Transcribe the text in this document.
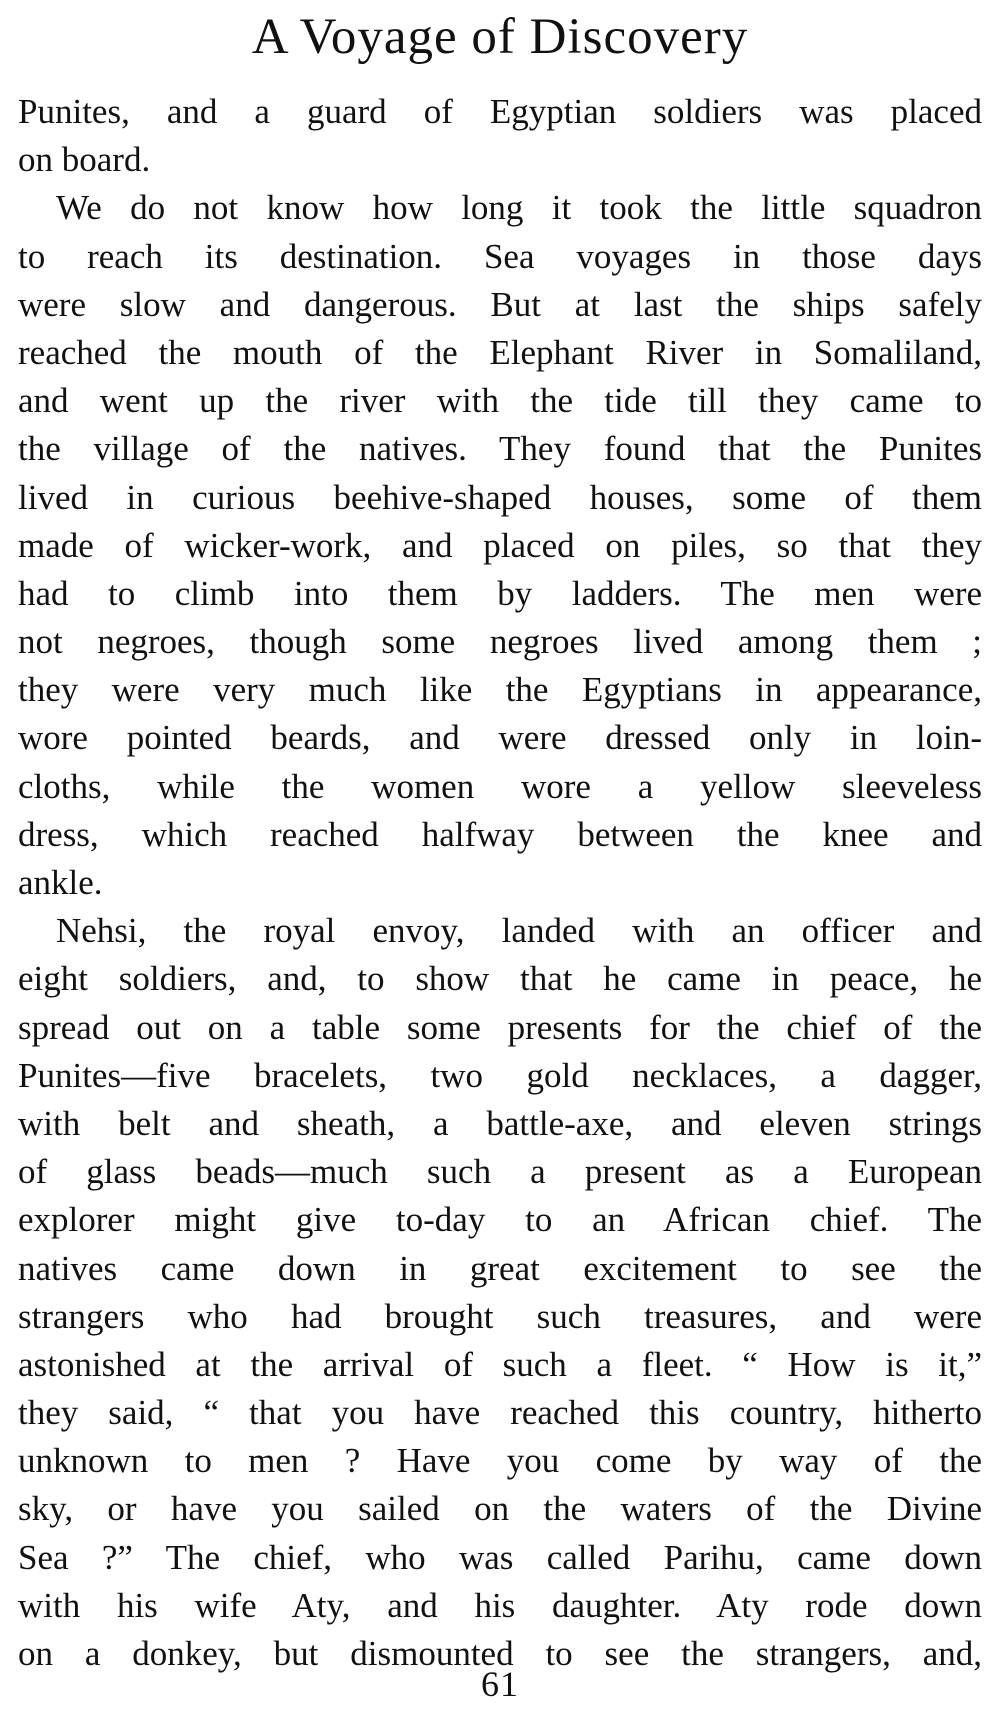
A Voyage of Discovery
Punites, and a guard of Egyptian soldiers was placed
on board.
We do not know how long it took the little squadron
to reach its destination. Sea voyages in those days
were slow and dangerous. But at last the ships safely
reached the mouth of the Elephant River in Somaliland,
and went up the river with the tide till they came to
the village of the natives. They found that the Punites
lived in curious beehive-shaped houses, some of them
made of wicker-work, and placed on piles, so that they
had to climb into them by ladders. The men were
not negroes, though some negroes lived among them ;
they were very much like the Egyptians in appearance,
wore pointed beards, and were dressed only in loin-
cloths, while the women wore a yellow sleeveless
dress, which reached halfway between the knee and
ankle.
Nehsi, the royal envoy, landed with an officer and
eight soldiers, and, to show that he came in peace, he
spread out on a table some presents for the chief of the
Punites—five bracelets, two gold necklaces, a dagger,
with belt and sheath, a battle-axe, and eleven strings
of glass beads—much such a present as a European
explorer might give to-day to an African chief. The
natives came down in great excitement to see the
strangers who had brought such treasures, and were
astonished at the arrival of such a fleet. “ How is it,”
they said, “ that you have reached this country, hitherto
unknown to men ? Have you come by way of the
sky, or have you sailed on the waters of the Divine
Sea ?” The chief, who was called Parihu, came down
with his wife Aty, and his daughter. Aty rode down
on a donkey, but dismounted to see the strangers, and,
61
